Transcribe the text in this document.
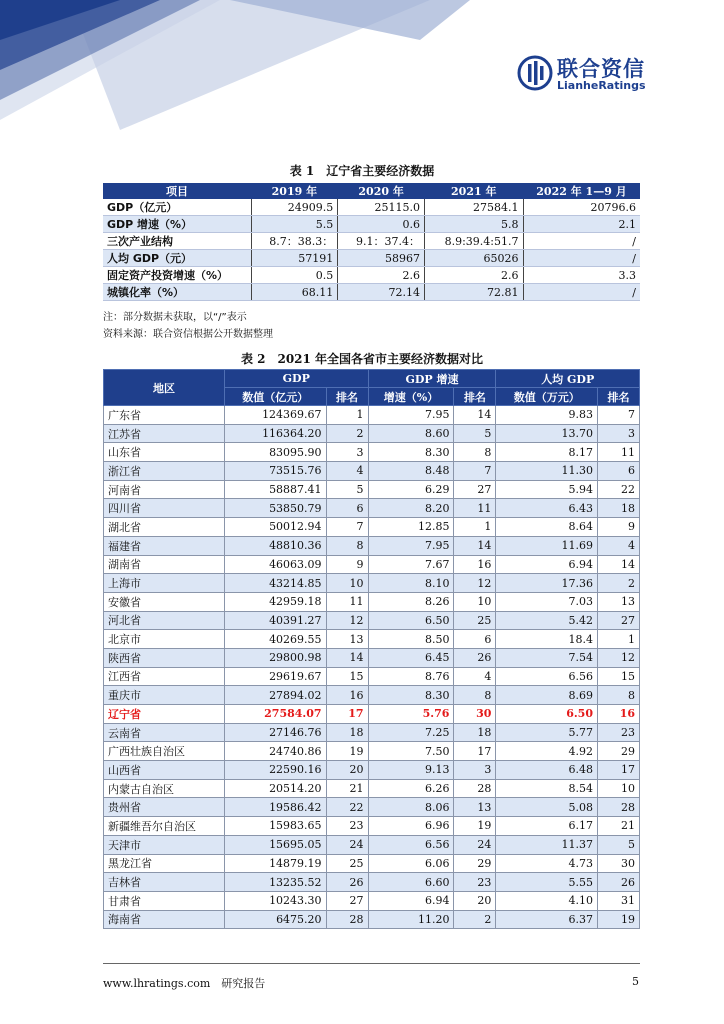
联合资信
LianheRatings
表 1　辽宁省主要经济数据
项目	2019 年	2020 年	2021 年	2022 年 1—9 月
GDP（亿元）	24909.5	25115.0	27584.1	20796.6
GDP 增速（%）	5.5	0.6	5.8	2.1
三次产业结构	8.7：38.3：	9.1：37.4：	8.9:39.4:51.7	/
人均 GDP（元）	57191	58967	65026	/
固定资产投资增速（%）	0.5	2.6	2.6	3.3
城镇化率（%）	68.11	72.14	72.81	/
注：部分数据未获取，以“/”表示
资料来源：联合资信根据公开数据整理
表 2　2021 年全国各省市主要经济数据对比
地区	GDP		GDP 增速		人均 GDP	
	数值（亿元）	排名	增速（%）	排名	数值（万元）	排名
广东省	124369.67	1	7.95	14	9.83	7
江苏省	116364.20	2	8.60	5	13.70	3
山东省	83095.90	3	8.30	8	8.17	11
浙江省	73515.76	4	8.48	7	11.30	6
河南省	58887.41	5	6.29	27	5.94	22
四川省	53850.79	6	8.20	11	6.43	18
湖北省	50012.94	7	12.85	1	8.64	9
福建省	48810.36	8	7.95	14	11.69	4
湖南省	46063.09	9	7.67	16	6.94	14
上海市	43214.85	10	8.10	12	17.36	2
安徽省	42959.18	11	8.26	10	7.03	13
河北省	40391.27	12	6.50	25	5.42	27
北京市	40269.55	13	8.50	6	18.4	1
陕西省	29800.98	14	6.45	26	7.54	12
江西省	29619.67	15	8.76	4	6.56	15
重庆市	27894.02	16	8.30	8	8.69	8
辽宁省	27584.07	17	5.76	30	6.50	16
云南省	27146.76	18	7.25	18	5.77	23
广西壮族自治区	24740.86	19	7.50	17	4.92	29
山西省	22590.16	20	9.13	3	6.48	17
内蒙古自治区	20514.20	21	6.26	28	8.54	10
贵州省	19586.42	22	8.06	13	5.08	28
新疆维吾尔自治区	15983.65	23	6.96	19	6.17	21
天津市	15695.05	24	6.56	24	11.37	5
黑龙江省	14879.19	25	6.06	29	4.73	30
吉林省	13235.52	26	6.60	23	5.55	26
甘肃省	10243.30	27	6.94	20	4.10	31
海南省	6475.20	28	11.20	2	6.37	19
www.lhratings.com　研究报告	5
